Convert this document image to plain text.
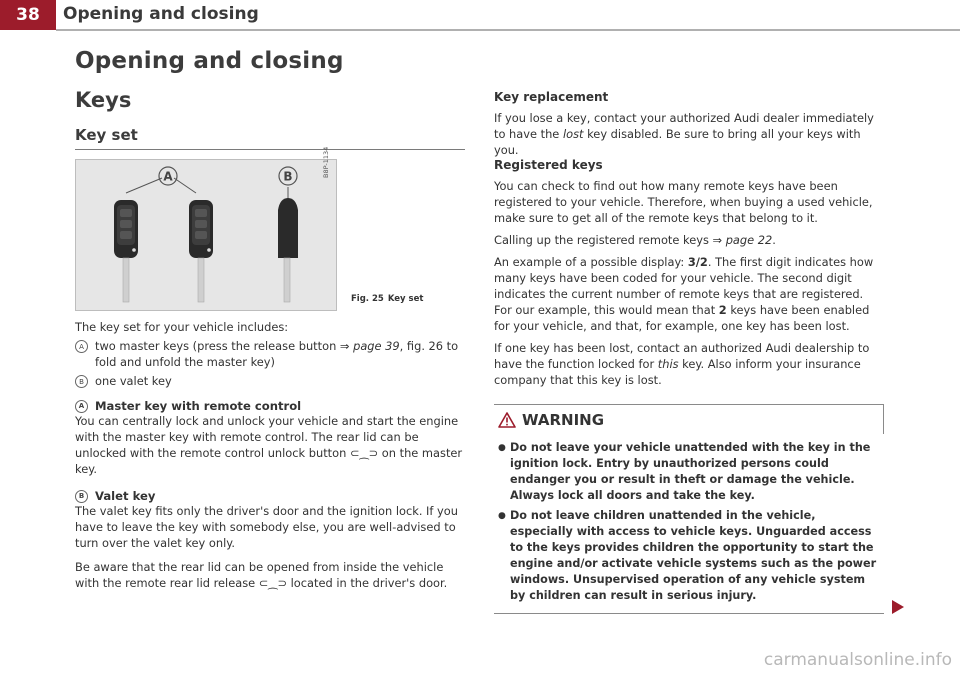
38	Opening and closing
Opening and closing
Keys
Key set
A	B	B8P-1134
Fig. 25 Key set

The key set for your vehicle includes:

A two master keys (press the release button ⇒ page 39, fig. 26 to fold and unfold the master key)
B one valet key
A Master key with remote control

You can centrally lock and unlock your vehicle and start the engine with the master key with remote control. The rear lid can be unlocked with the remote control unlock button ⊂⁔⊃ on the master key.

B Valet key

The valet key fits only the driver's door and the ignition lock. If you have to leave the key with somebody else, you are well-advised to turn over the valet key only.

Be aware that the rear lid can be opened from inside the vehicle with the remote rear lid release ⊂⁔⊃ located in the driver's door.

Key replacement

If you lose a key, contact your authorized Audi dealer immediately to have the lost key disabled. Be sure to bring all your keys with you.

Registered keys

You can check to find out how many remote keys have been registered to your vehicle. Therefore, when buying a used vehicle, make sure to get all of the remote keys that belong to it.

Calling up the registered remote keys ⇒ page 22.

An example of a possible display: 3/2. The first digit indicates how many keys have been coded for your vehicle. The second digit indicates the current number of remote keys that are registered. For our example, this would mean that 2 keys have been enabled for your vehicle, and that, for example, one key has been lost.

If one key has been lost, contact an authorized Audi dealership to have the function locked for this key. Also inform your insurance company that this key is lost.

WARNING
● Do not leave your vehicle unattended with the key in the ignition lock. Entry by unauthorized persons could endanger you or result in theft or damage the vehicle. Always lock all doors and take the key.
● Do not leave children unattended in the vehicle, especially with access to vehicle keys. Unguarded access to the keys provides children the opportunity to start the engine and/or activate vehicle systems such as the power windows. Unsupervised operation of any vehicle system by children can result in serious injury.
carmanualsonline.info
